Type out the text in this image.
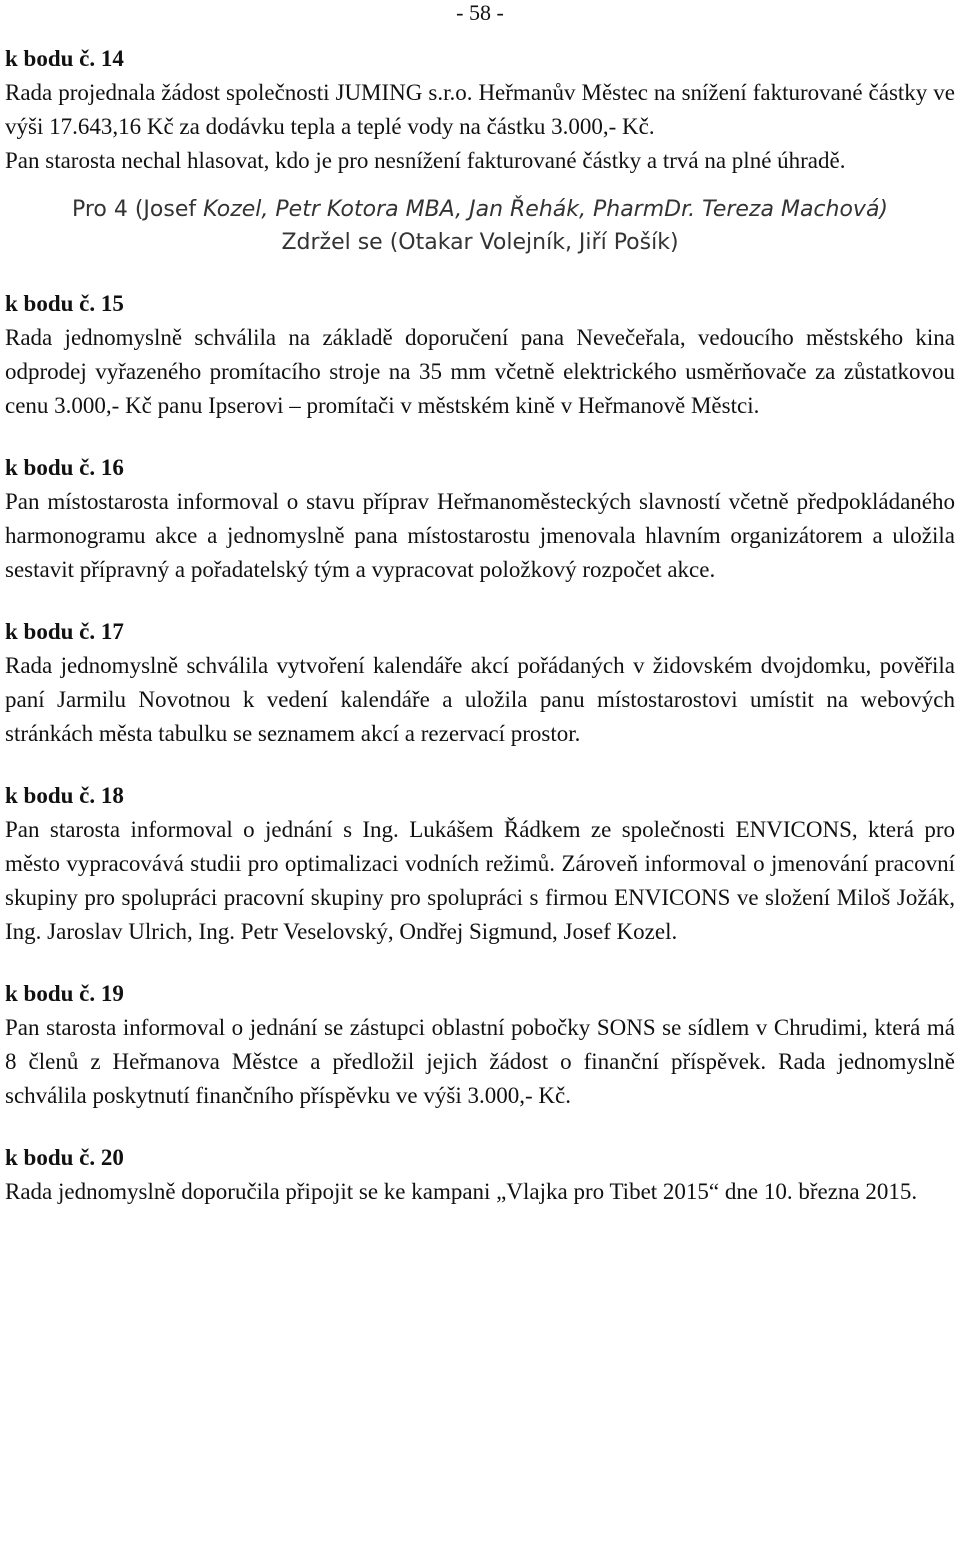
- 58 -

k bodu č. 14

Rada projednala žádost společnosti JUMING s.r.o. Heřmanův Městec na snížení fakturované částky ve výši 17.643,16 Kč za dodávku tepla a teplé vody na částku 3.000,- Kč.

Pan starosta nechal hlasovat, kdo je pro nesnížení fakturované částky a trvá na plné úhradě.

Pro 4 (Josef Kozel, Petr Kotora MBA, Jan Řehák, PharmDr. Tereza Machová)

Zdržel se (Otakar Volejník, Jiří Pošík)

k bodu č. 15

Rada jednomyslně schválila na základě doporučení pana Nevečeřala, vedoucího městského kina odprodej vyřazeného promítacího stroje na 35 mm včetně elektrického usměrňovače za zůstatkovou cenu 3.000,- Kč panu Ipserovi – promítači v městském kině v Heřmanově Městci.

k bodu č. 16

Pan místostarosta informoval o stavu příprav Heřmanoměsteckých slavností včetně předpokládaného harmonogramu akce a jednomyslně pana místostarostu jmenovala hlavním organizátorem a uložila sestavit přípravný a pořadatelský tým a vypracovat položkový rozpočet akce.

k bodu č. 17

Rada jednomyslně schválila vytvoření kalendáře akcí pořádaných v židovském dvojdomku, pověřila paní Jarmilu Novotnou k vedení kalendáře a uložila panu místostarostovi umístit na webových stránkách města tabulku se seznamem akcí a rezervací prostor.

k bodu č. 18

Pan starosta informoval o jednání s Ing. Lukášem Řádkem ze společnosti ENVICONS, která pro město vypracovává studii pro optimalizaci vodních režimů. Zároveň informoval o jmenování pracovní skupiny pro spolupráci pracovní skupiny pro spolupráci s firmou ENVICONS ve složení Miloš Jožák, Ing. Jaroslav Ulrich, Ing. Petr Veselovský, Ondřej Sigmund, Josef Kozel.

k bodu č. 19

Pan starosta informoval o jednání se zástupci oblastní pobočky SONS se sídlem v Chrudimi, která má 8 členů z Heřmanova Městce a předložil jejich žádost o finanční příspěvek. Rada jednomyslně schválila poskytnutí finančního příspěvku ve výši 3.000,- Kč.

k bodu č. 20

Rada jednomyslně doporučila připojit se ke kampani „Vlajka pro Tibet 2015“ dne 10. března 2015.
